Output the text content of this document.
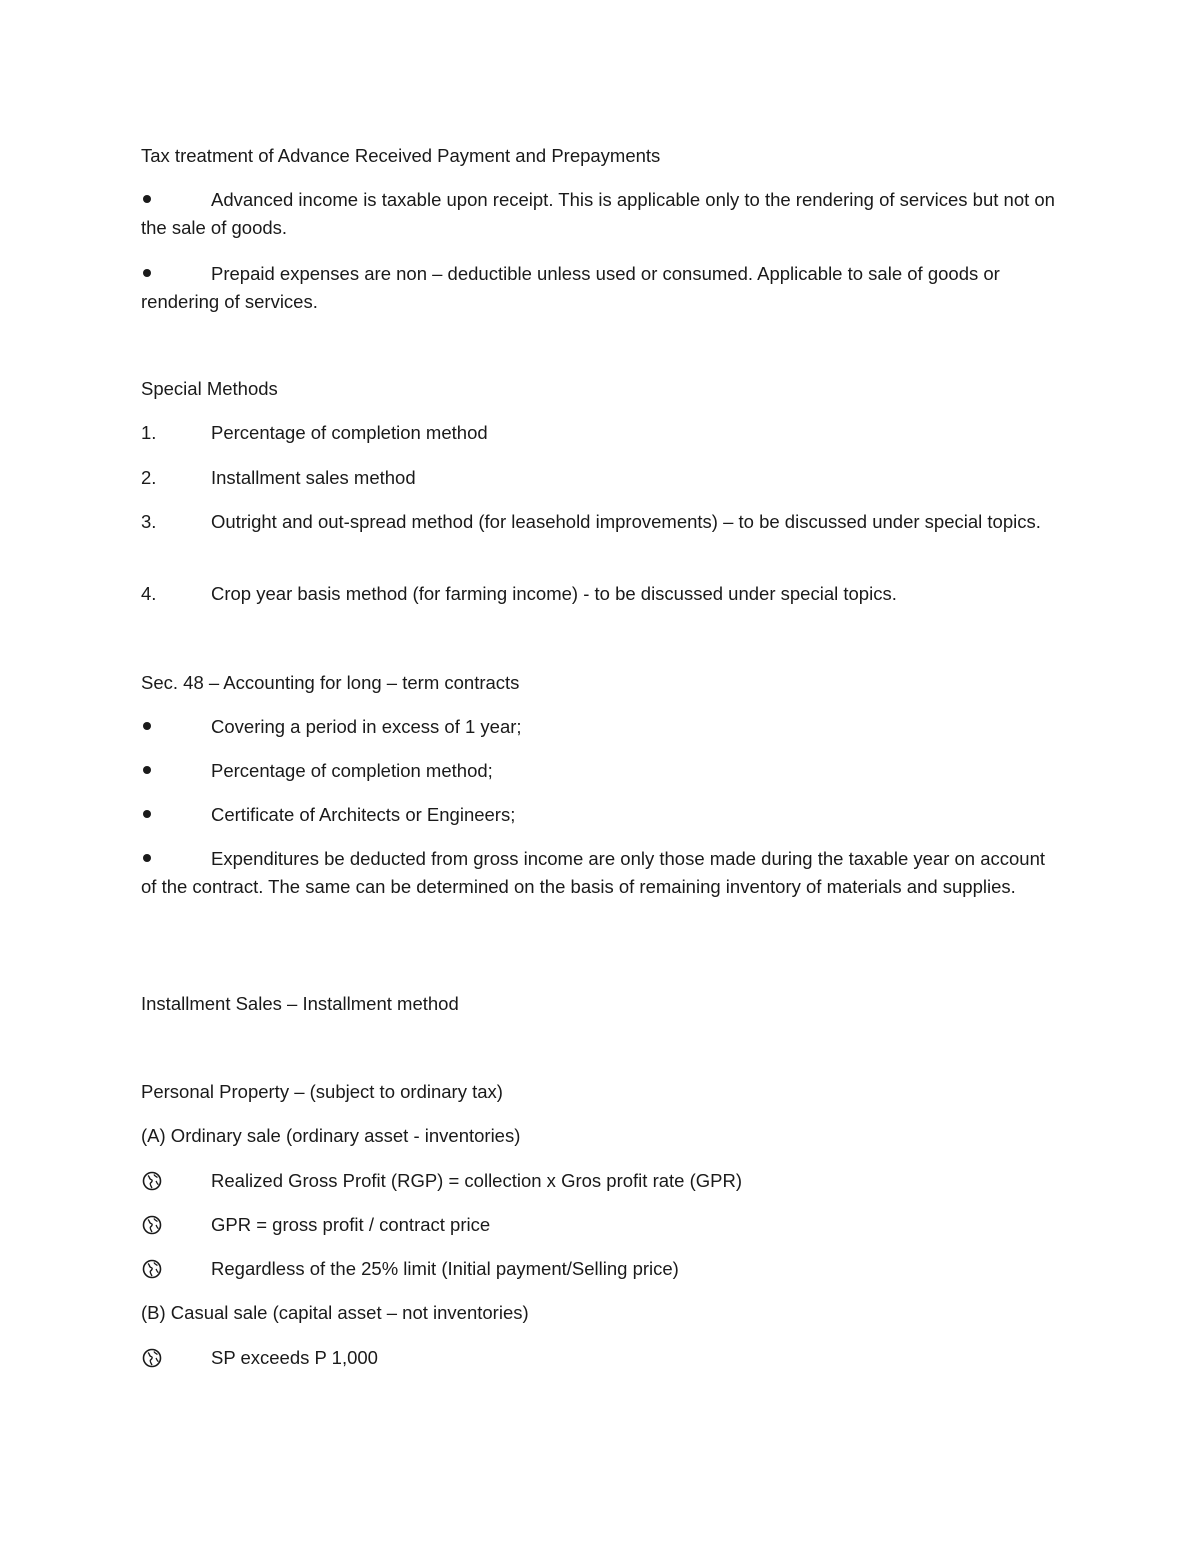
Tax treatment of Advance Received Payment and Prepayments
Advanced income is taxable upon receipt. This is applicable only to the rendering of services but not on the sale of goods.
Prepaid expenses are non – deductible unless used or consumed. Applicable to sale of goods or rendering of services.
Special Methods
1.	Percentage of completion method
2.	Installment sales method
3.	Outright and out-spread method (for leasehold improvements) – to be discussed under special topics.
4.	Crop year basis method (for farming income) - to be discussed under special topics.
Sec. 48 – Accounting for long – term contracts
Covering a period in excess of 1 year;
Percentage of completion method;
Certificate of Architects or Engineers;
Expenditures be deducted from gross income are only those made during the taxable year on account of the contract. The same can be determined on the basis of remaining inventory of materials and supplies.
Installment Sales – Installment method
Personal Property – (subject to ordinary tax)
(A) Ordinary sale (ordinary asset - inventories)
Realized Gross Profit (RGP) = collection x Gros profit rate (GPR)
GPR = gross profit / contract price
Regardless of the 25% limit (Initial payment/Selling price)
(B) Casual sale (capital asset – not inventories)
SP exceeds P 1,000
